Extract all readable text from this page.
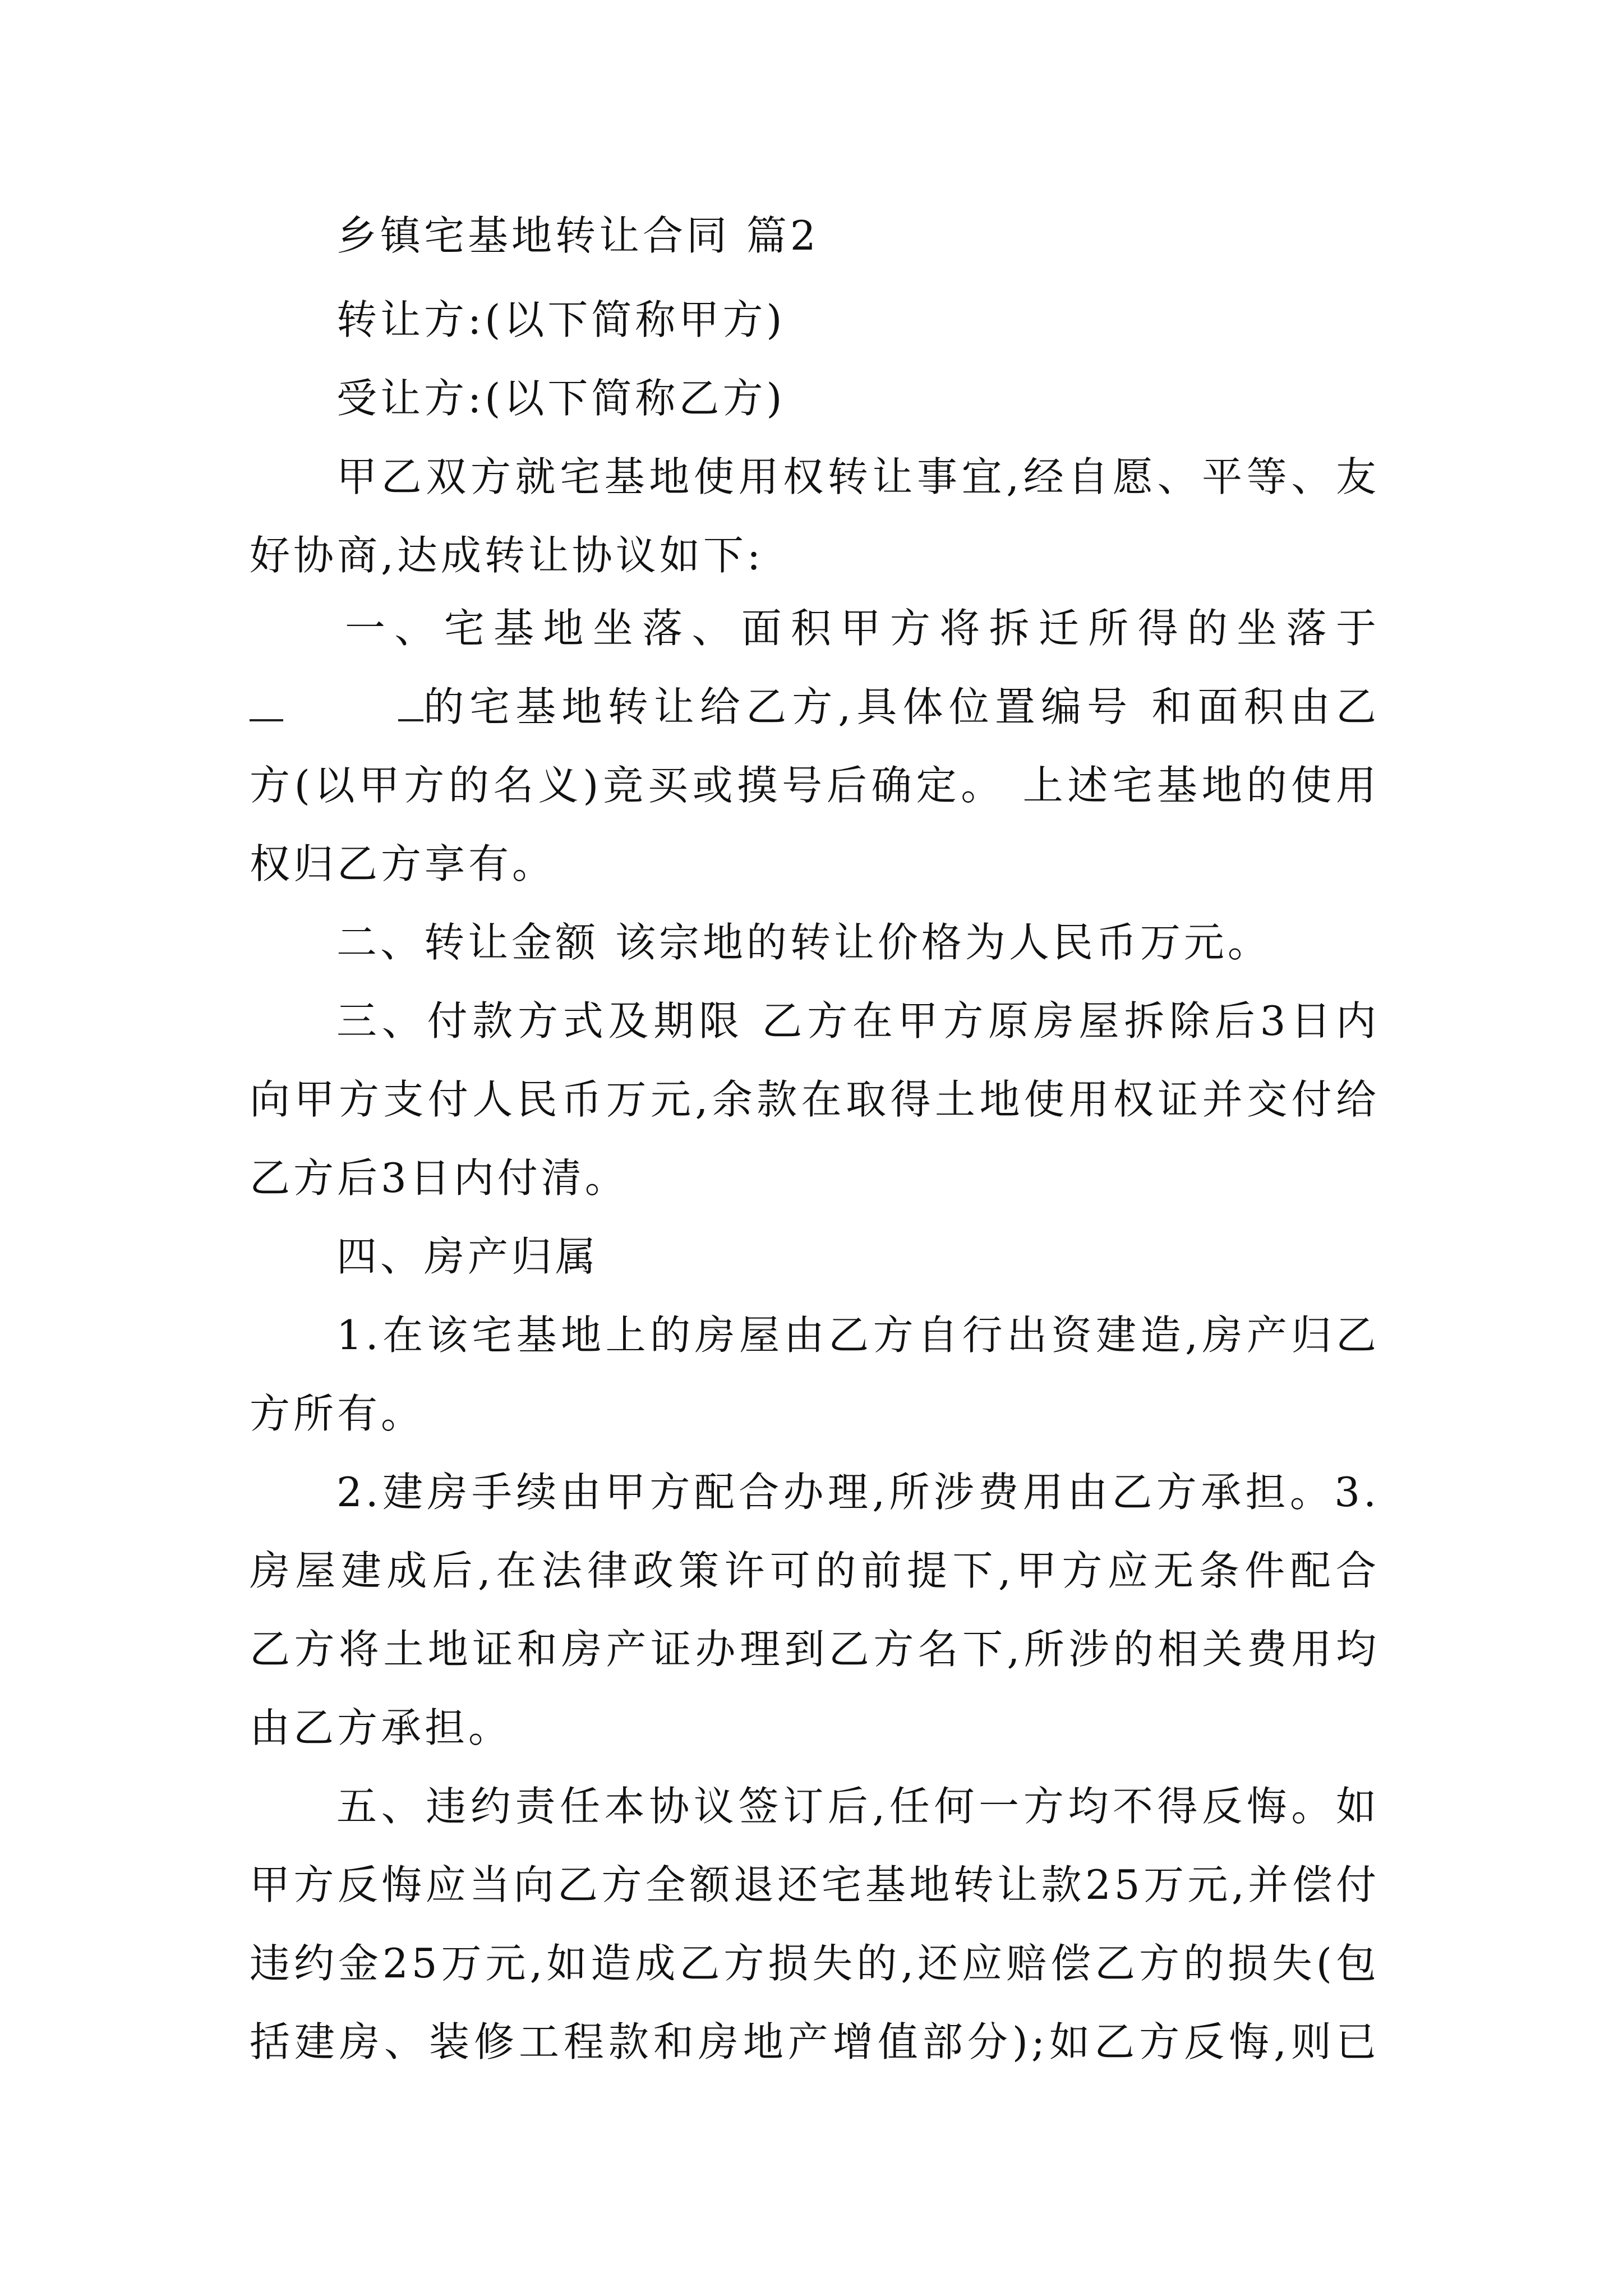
乡镇宅基地转让合同 篇2

转让方:(以下简称甲方)

受让方:(以下简称乙方)

甲乙双方就宅基地使用权转让事宜,经自愿、平等、友

好协商,达成转让协议如下:

一、宅基地坐落、面积甲方将拆迁所得的坐落于

的宅基地转让给乙方,具体位置编号 和面积由乙

方(以甲方的名义)竞买或摸号后确定。 上述宅基地的使用

权归乙方享有。

二、转让金额 该宗地的转让价格为人民币万元。

三、付款方式及期限 乙方在甲方原房屋拆除后3日内

向甲方支付人民币万元,余款在取得土地使用权证并交付给

乙方后3日内付清。

四、房产归属

1.在该宅基地上的房屋由乙方自行出资建造,房产归乙

方所有。

2.建房手续由甲方配合办理,所涉费用由乙方承担。3.

房屋建成后,在法律政策许可的前提下,甲方应无条件配合

乙方将土地证和房产证办理到乙方名下,所涉的相关费用均

由乙方承担。

五、违约责任本协议签订后,任何一方均不得反悔。如

甲方反悔应当向乙方全额退还宅基地转让款25万元,并偿付

违约金25万元,如造成乙方损失的,还应赔偿乙方的损失(包

括建房、装修工程款和房地产增值部分);如乙方反悔,则已
